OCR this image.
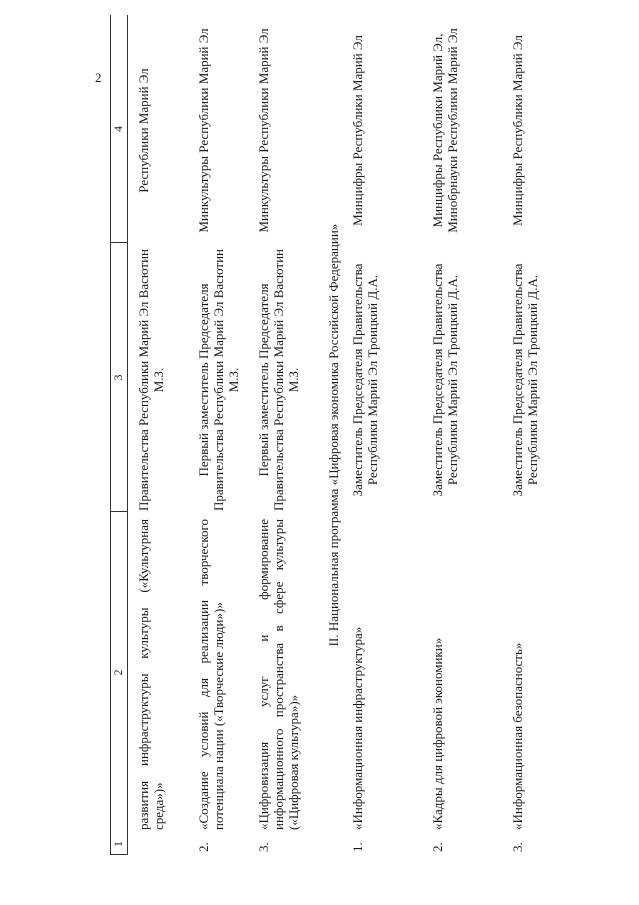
2
1
2
3
4
развития инфраструктуры культуры («Культурная среда»)»
Правительства Республики Марий Эл Васютин М.З.
Республики Марий Эл
2.
«Создание условий для реализации творческого потенциала нации («Творческие люди»)»
Первый заместитель Председателя Правительства Республики Марий Эл Васютин М.З.
Минкультуры Республики Марий Эл
3.
«Цифровизация услуг и формирование информационного пространства в сфере культуры («Цифровая культура»)»
Первый заместитель Председателя Правительства Республики Марий Эл Васютин М.З.
Минкультуры Республики Марий Эл
II. Национальная программа «Цифровая экономика Российской Федерации»
1.
«Информационная инфраструктура»
Заместитель Председателя Правительства Республики Марий Эл Троицкий Д.А.
Минцифры Республики Марий Эл
2.
«Кадры для цифровой экономики»
Заместитель Председателя Правительства Республики Марий Эл Троицкий Д.А.
Минцифры Республики Марий Эл, Минобрнауки Республики Марий Эл
3.
«Информационная безопасность»
Заместитель Председателя Правительства Республики Марий Эл Троицкий Д.А.
Минцифры Республики Марий Эл
